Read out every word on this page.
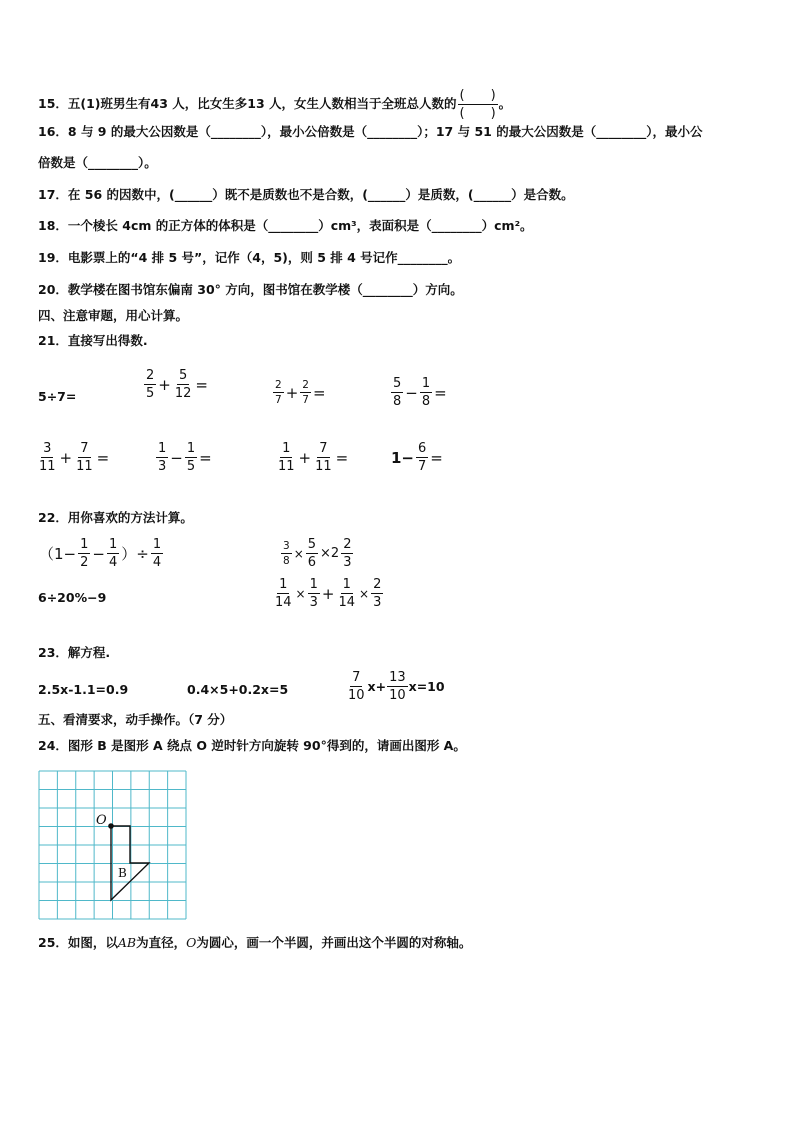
15．五(1)班男生有43 人，比女生多13 人，女生人数相当于全班总人数的 $\frac{( )}{( )}$ 。
16．8 与 9 的最大公因数是（________），最小公倍数是（________）；17 与 51 的最大公因数是（________），最小公
倍数是（________）。
17．在 56 的因数中，(______）既不是质数也不是合数，(______）是质数，(______）是合数。
18．一个棱长 4cm 的正方体的体积是（________）cm³，表面积是（________）cm²。
19．电影票上的“4 排 5 号”，记作（4，5)，则 5 排 4 号记作________。
20．教学楼在图书馆东偏南 30° 方向，图书馆在教学楼（________）方向。
四、注意审题，用心计算。
21．直接写出得数.
5÷7=	$\frac{2}{5} + \frac{5}{12}$ =	$\frac{2}{7} + \frac{2}{7}$ =	$\frac{5}{8} - \frac{1}{8}$ =
$\frac{3}{11} + \frac{7}{11}$ =	$\frac{1}{3} - \frac{1}{5}$ =	$\frac{1}{11} + \frac{7}{11}$ =	$1- \frac{6}{7}$ =
22．用你喜欢的方法计算。
（$1- \frac{1}{2} - \frac{1}{4}$ ）÷ $\frac{1}{4}$	$\frac{3}{8} \times \frac{5}{6} \times 2 \frac{2}{3}$
6÷20%−9	$\frac{1}{14} \times \frac{1}{3} + \frac{1}{14} \times \frac{2}{3}$
23．解方程.
2.5x-1.1=0.9	0.4×5+0.2x=5	$\frac{7}{10} x+ \frac{13}{10} x=10$
五、看清要求，动手操作。（7 分）
24．图形 B 是图形 A 绕点 O 逆时针方向旋转 90°得到的，请画出图形 A。
O
B
25．如图，以AB为直径，O为圆心，画一个半圆，并画出这个半圆的对称轴。
